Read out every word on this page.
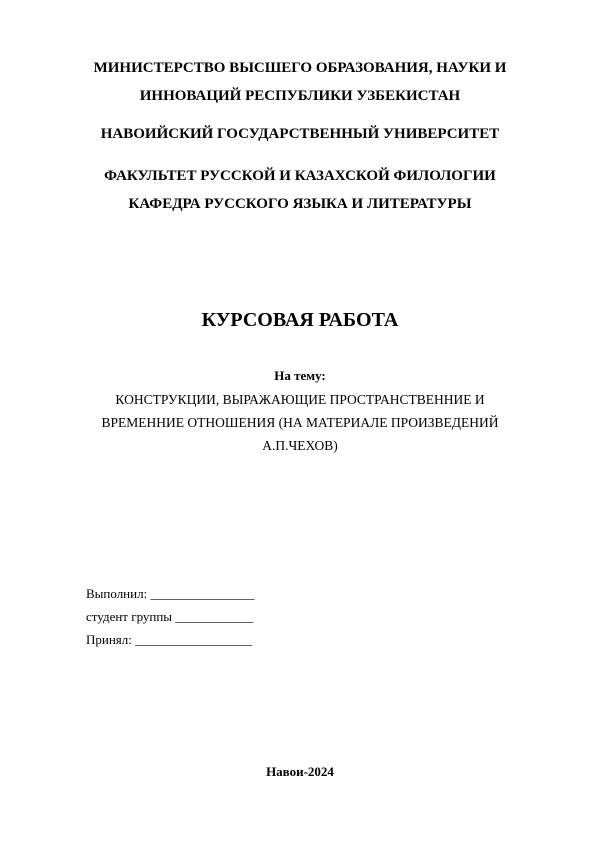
МИНИСТЕРСТВО ВЫСШЕГО ОБРАЗОВАНИЯ, НАУКИ И
ИННОВАЦИЙ РЕСПУБЛИКИ УЗБЕКИСТАН
НАВОИЙСКИЙ ГОСУДАРСТВЕННЫЙ УНИВЕРСИТЕТ
ФАКУЛЬТЕТ РУССКОЙ И КАЗАХСКОЙ ФИЛОЛОГИИ
КАФЕДРА РУССКОГО ЯЗЫКА И ЛИТЕРАТУРЫ
КУРСОВАЯ РАБОТА
На тему:
КОНСТРУКЦИИ, ВЫРАЖАЮЩИЕ ПРОСТРАНСТВЕННИЕ И
ВРЕМЕННИЕ ОТНОШЕНИЯ (НА МАТЕРИАЛЕ ПРОИЗВЕДЕНИЙ
А.П.ЧЕХОВ)
Выполнил: ________________
студент группы ____________
Принял: __________________
Навои-2024
